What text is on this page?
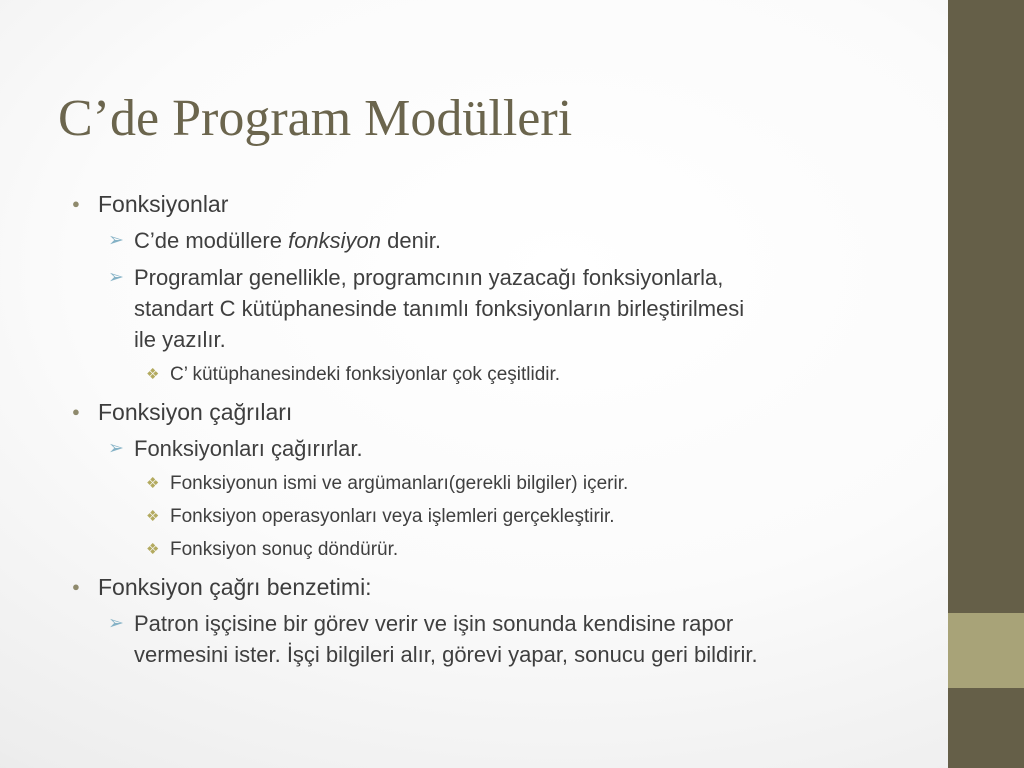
C’de Program Modülleri
● Fonksiyonlar
➢ C’de modüllere fonksiyon denir.
➢ Programlar genellikle, programcının yazacağı fonksiyonlarla,
standart C kütüphanesinde tanımlı fonksiyonların birleştirilmesi
ile yazılır.
❖ C’ kütüphanesindeki fonksiyonlar çok çeşitlidir.
● Fonksiyon çağrıları
➢ Fonksiyonları çağırırlar.
❖ Fonksiyonun ismi ve argümanları(gerekli bilgiler) içerir.
❖ Fonksiyon operasyonları veya işlemleri gerçekleştirir.
❖ Fonksiyon sonuç döndürür.
● Fonksiyon çağrı benzetimi:
➢ Patron işçisine bir görev verir ve işin sonunda kendisine rapor
vermesini ister. İşçi bilgileri alır, görevi yapar, sonucu geri bildirir.
